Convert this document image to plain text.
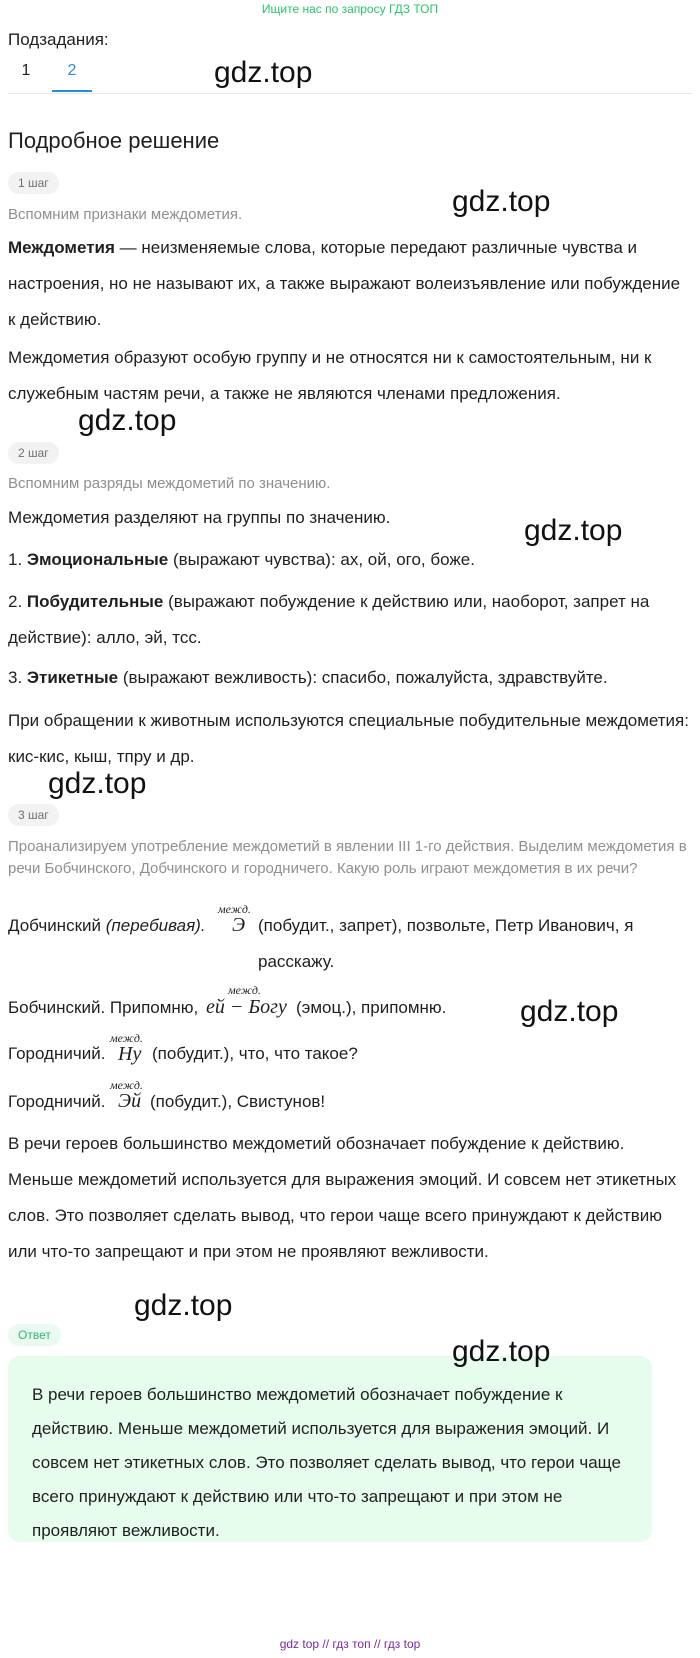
Ищите нас по запросу ГДЗ ТОП
Подзадания:
1	2	gdz.top
Подробное решение
1 шаг
Вспомним признаки междометия.	gdz.top
Междометия — неизменяемые слова, которые передают различные чувства и настроения, но не называют их, а также выражают волеизъявление или побуждение к действию.
Междометия образуют особую группу и не относятся ни к самостоятельным, ни к служебным частям речи, а также не являются членами предложения.
gdz.top
2 шаг
Вспомним разряды междометий по значению.
Междометия разделяют на группы по значению.	gdz.top
1. Эмоциональные (выражают чувства): ах, ой, ого, боже.
2. Побудительные (выражают побуждение к действию или, наоборот, запрет на действие): алло, эй, тсс.
3. Этикетные (выражают вежливость): спасибо, пожалуйста, здравствуйте.
При обращении к животным используются специальные побудительные междометия: кис-кис, кыш, тпру и др.
gdz.top
3 шаг
Проанализируем употребление междометий в явлении III 1-го действия. Выделим междометия в речи Бобчинского, Добчинского и городничего. Какую роль играют междометия в их речи?
Добчинский (перебивая).
межд.
Э (побудит., запрет), позвольте, Петр Иванович, я расскажу.
Бобчинский. Припомню,
межд.
ей − Богу (эмоц.), припомню. gdz.top
Городничий.
межд.
Ну (побудит.), что, что такое?
Городничий.
межд.
Эй (побудит.), Свистунов!
В речи героев большинство междометий обозначает побуждение к действию. Меньше междометий используется для выражения эмоций. И совсем нет этикетных слов. Это позволяет сделать вывод, что герои чаще всего принуждают к действию или что-то запрещают и при этом не проявляют вежливости.
gdz.top
Ответ	gdz.top
В речи героев большинство междометий обозначает побуждение к действию. Меньше междометий используется для выражения эмоций. И совсем нет этикетных слов. Это позволяет сделать вывод, что герои чаще всего принуждают к действию или что-то запрещают и при этом не проявляют вежливости.
gdz top // гдз топ // гдз top
